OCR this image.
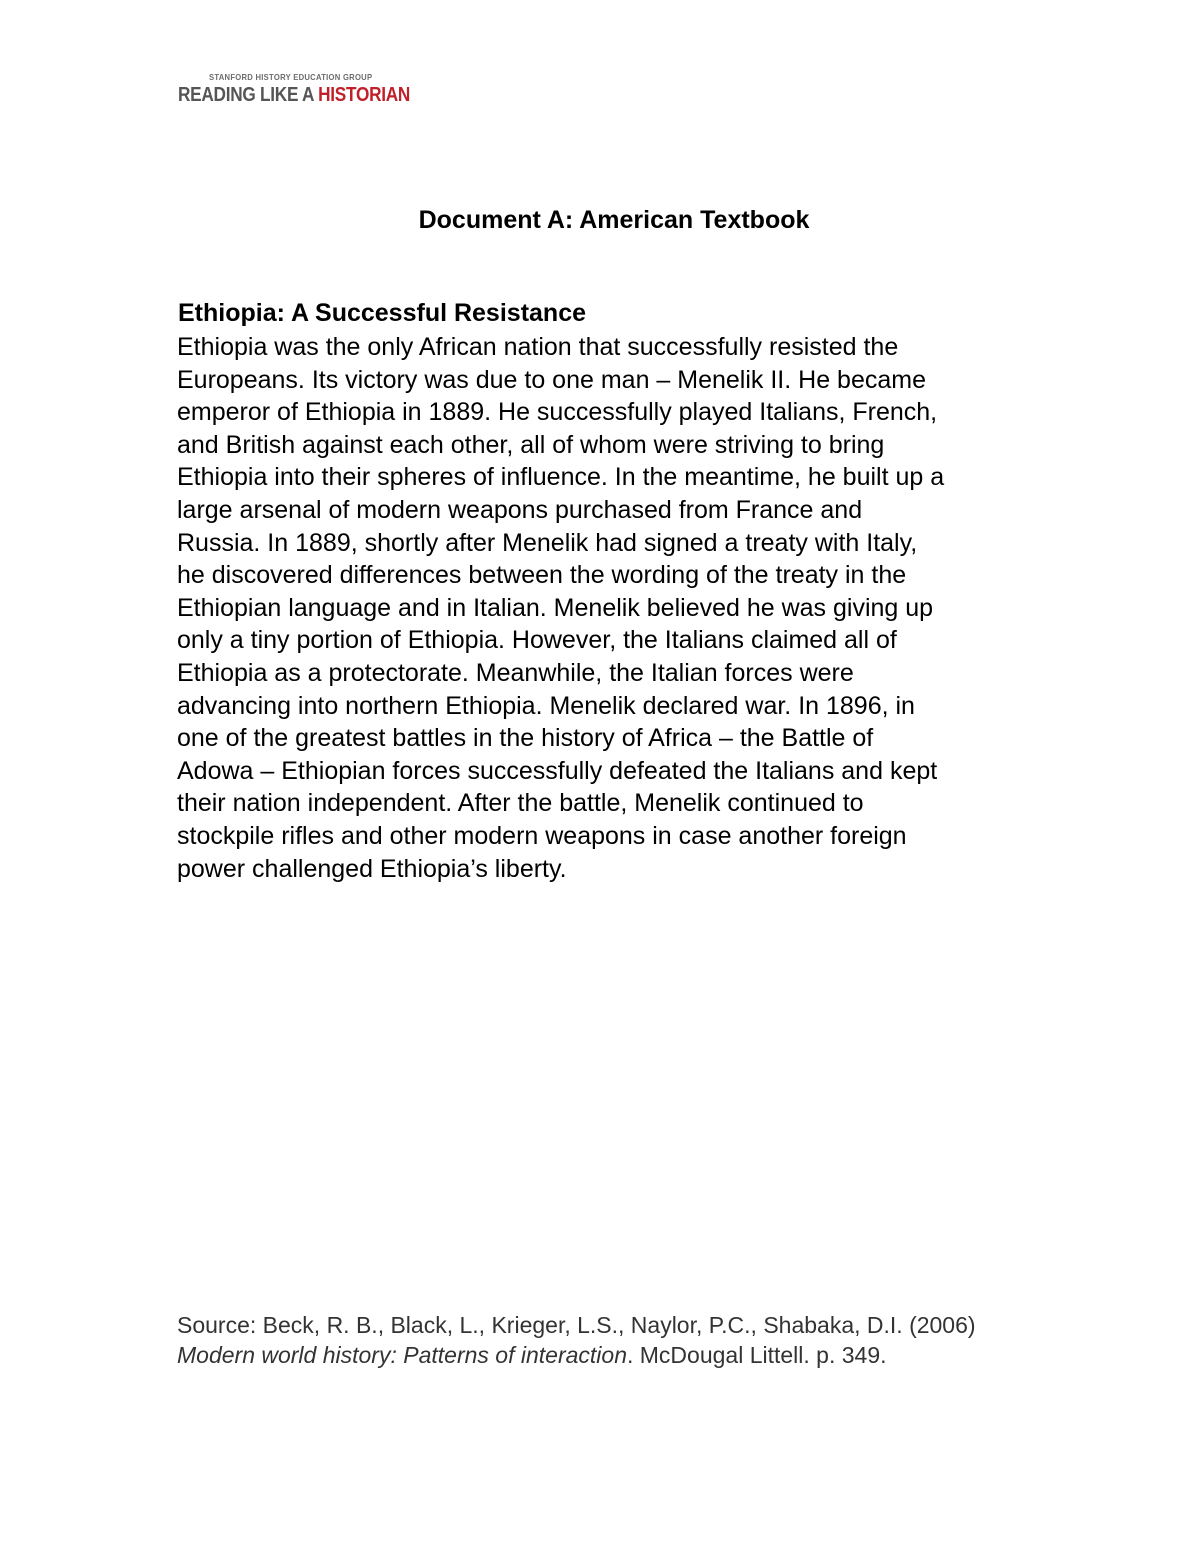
STANFORD HISTORY EDUCATION GROUP
READING LIKE A HISTORIAN
Document A: American Textbook
Ethiopia: A Successful Resistance
Ethiopia was the only African nation that successfully resisted the
Europeans. Its victory was due to one man – Menelik II. He became
emperor of Ethiopia in 1889. He successfully played Italians, French,
and British against each other, all of whom were striving to bring
Ethiopia into their spheres of influence. In the meantime, he built up a
large arsenal of modern weapons purchased from France and
Russia. In 1889, shortly after Menelik had signed a treaty with Italy,
he discovered differences between the wording of the treaty in the
Ethiopian language and in Italian. Menelik believed he was giving up
only a tiny portion of Ethiopia. However, the Italians claimed all of
Ethiopia as a protectorate. Meanwhile, the Italian forces were
advancing into northern Ethiopia. Menelik declared war. In 1896, in
one of the greatest battles in the history of Africa – the Battle of
Adowa – Ethiopian forces successfully defeated the Italians and kept
their nation independent. After the battle, Menelik continued to
stockpile rifles and other modern weapons in case another foreign
power challenged Ethiopia’s liberty.
Source: Beck, R. B., Black, L., Krieger, L.S., Naylor, P.C., Shabaka, D.I. (2006)
Modern world history: Patterns of interaction. McDougal Littell. p. 349.
